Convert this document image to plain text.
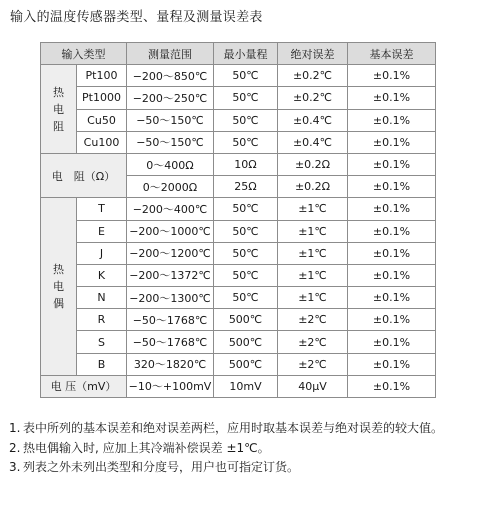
输入的温度传感器类型、量程及测量误差表
输入类型		测量范围	最小量程	绝对误差	基本误差
热
电
阻	Pt100	−200～850℃	50℃	±0.2℃	±0.1%
	Pt1000	−200～250℃	50℃	±0.2℃	±0.1%
	Cu50	−50～150℃	50℃	±0.4℃	±0.1%
	Cu100	−50～150℃	50℃	±0.4℃	±0.1%
电　阻（Ω）		0～400Ω	10Ω	±0.2Ω	±0.1%
		0～2000Ω	25Ω	±0.2Ω	±0.1%
热
电
偶	T	−200～400℃	50℃	±1℃	±0.1%
	E	−200～1000℃	50℃	±1℃	±0.1%
	J	−200～1200℃	50℃	±1℃	±0.1%
	K	−200～1372℃	50℃	±1℃	±0.1%
	N	−200～1300℃	50℃	±1℃	±0.1%
	R	−50～1768℃	500℃	±2℃	±0.1%
	S	−50～1768℃	500℃	±2℃	±0.1%
	B	320～1820℃	500℃	±2℃	±0.1%
电 压（mV）		−10～+100mV	10mV	40μV	±0.1%
1. 表中所列的基本误差和绝对误差两栏，应用时取基本误差与绝对误差的较大值。
2. 热电偶输入时, 应加上其冷端补偿误差 ±1℃。
3. 列表之外未列出类型和分度号，用户也可指定订货。
